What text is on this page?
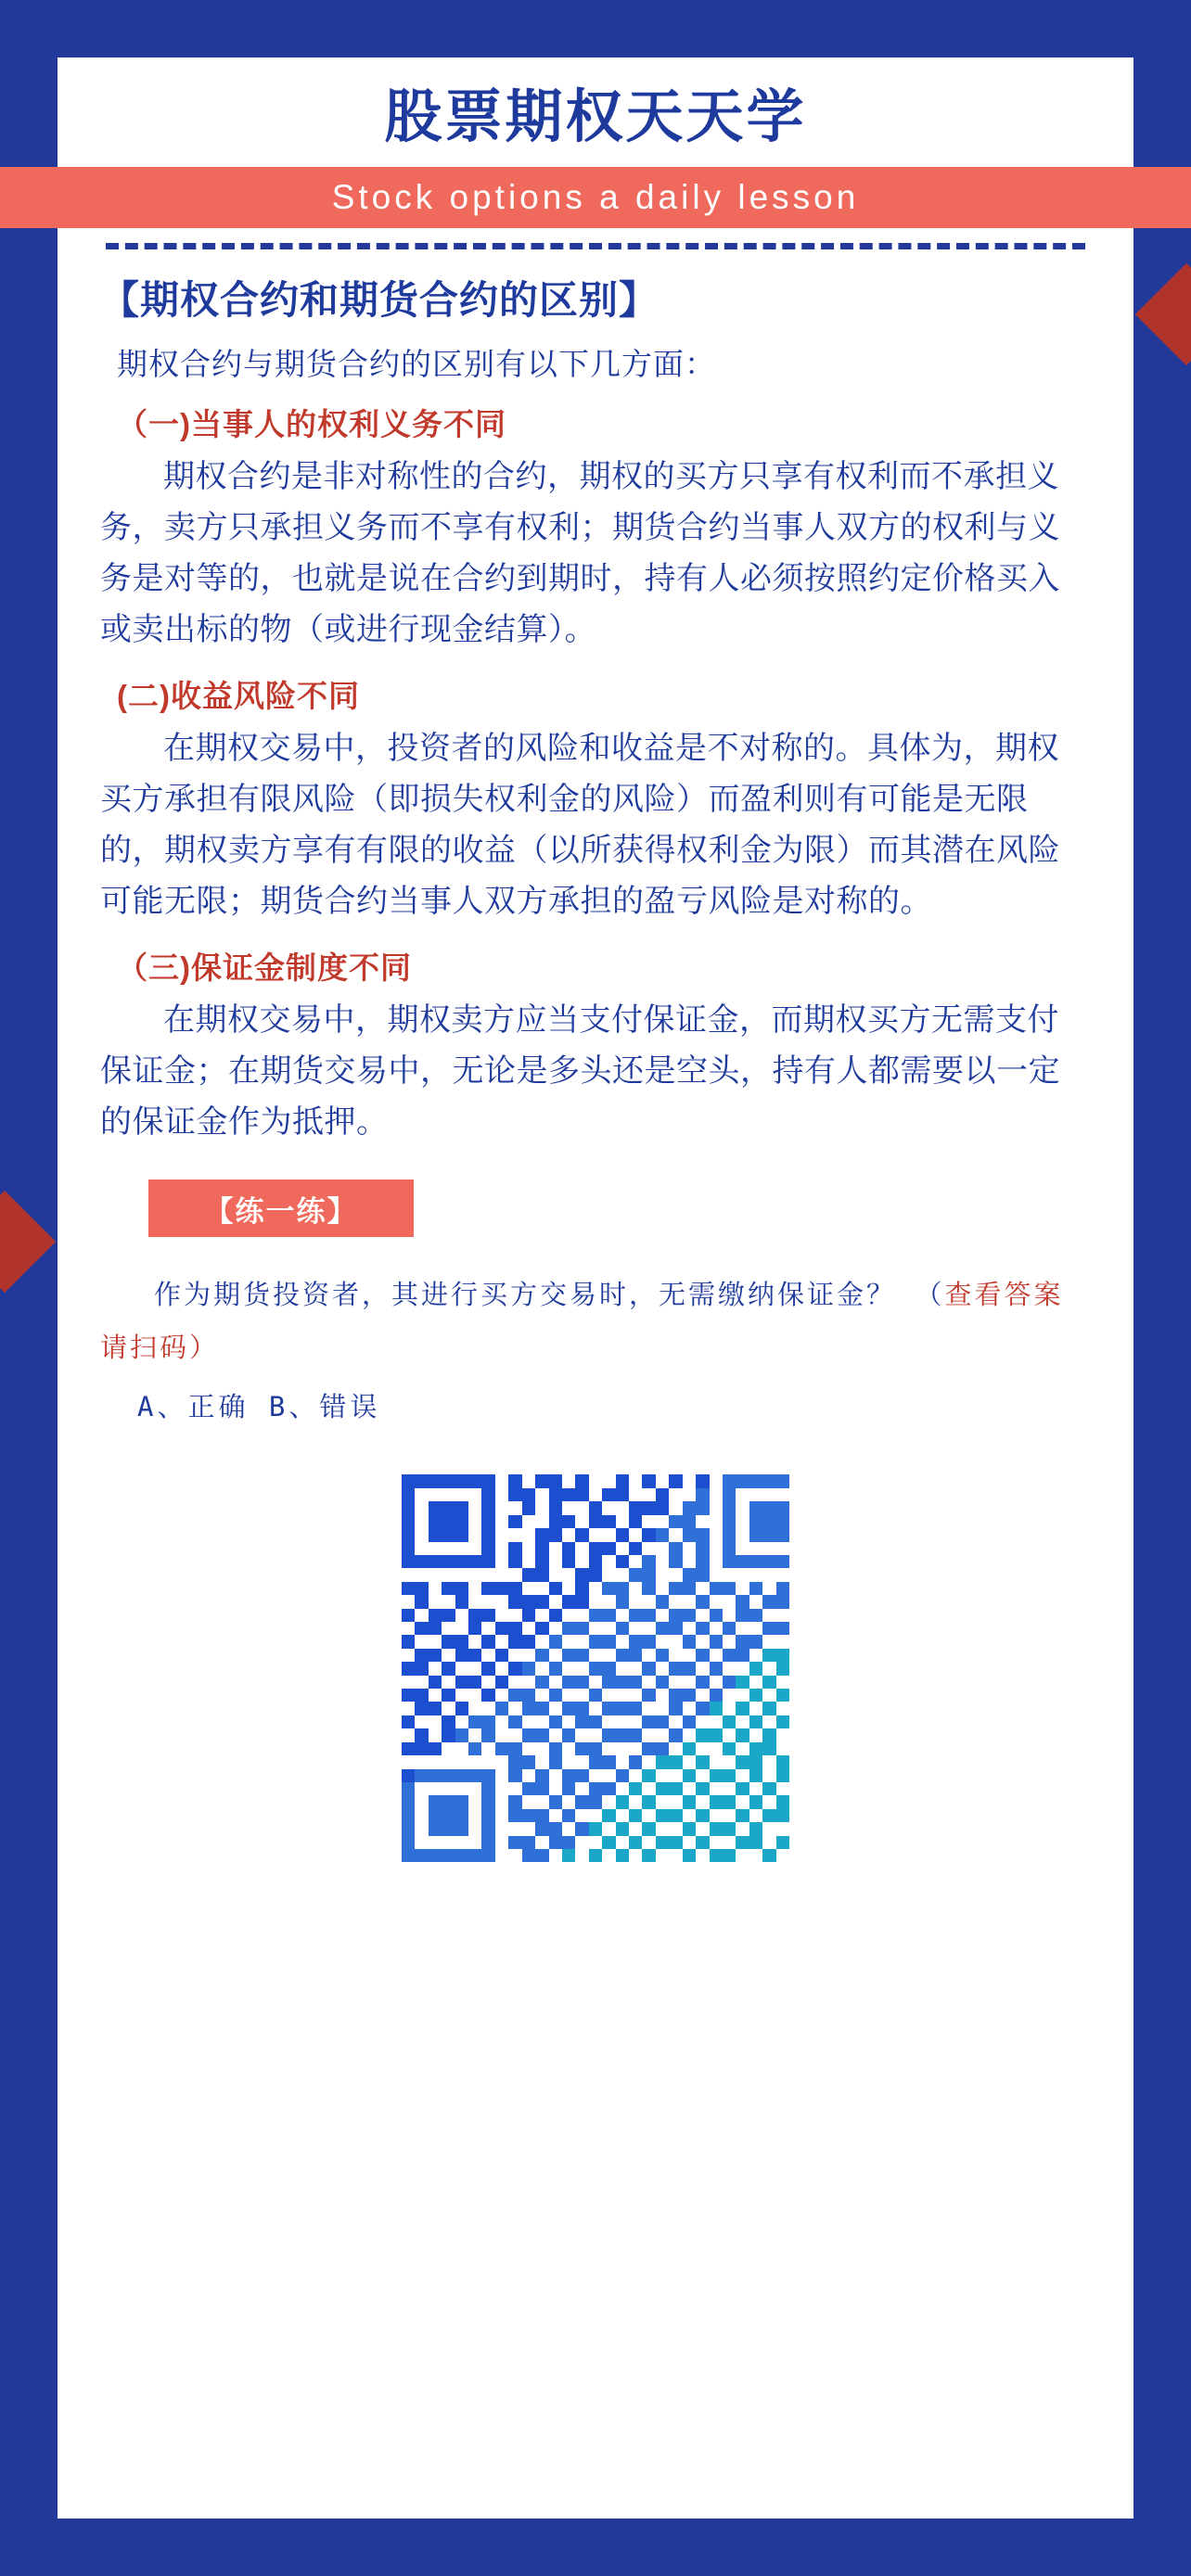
股票期权天天学
Stock options a daily lesson
【期权合约和期货合约的区别】
期权合约与期货合约的区别有以下几方面：
（一)当事人的权利义务不同

期权合约是非对称性的合约，期权的买方只享有权利而不承担义务，卖方只承担义务而不享有权利；期货合约当事人双方的权利与义务是对等的，也就是说在合约到期时，持有人必须按照约定价格买入或卖出标的物（或进行现金结算）。

(二)收益风险不同

在期权交易中，投资者的风险和收益是不对称的。具体为，期权买方承担有限风险（即损失权利金的风险）而盈利则有可能是无限的，期权卖方享有有限的收益（以所获得权利金为限）而其潜在风险可能无限；期货合约当事人双方承担的盈亏风险是对称的。

（三)保证金制度不同

在期权交易中，期权卖方应当支付保证金，而期权买方无需支付保证金；在期货交易中，无论是多头还是空头，持有人都需要以一定的保证金作为抵押。

【练一练】
作为期货投资者，其进行买方交易时，无需缴纳保证金？ （查看答案请扫码）
A、正确 B、错误
